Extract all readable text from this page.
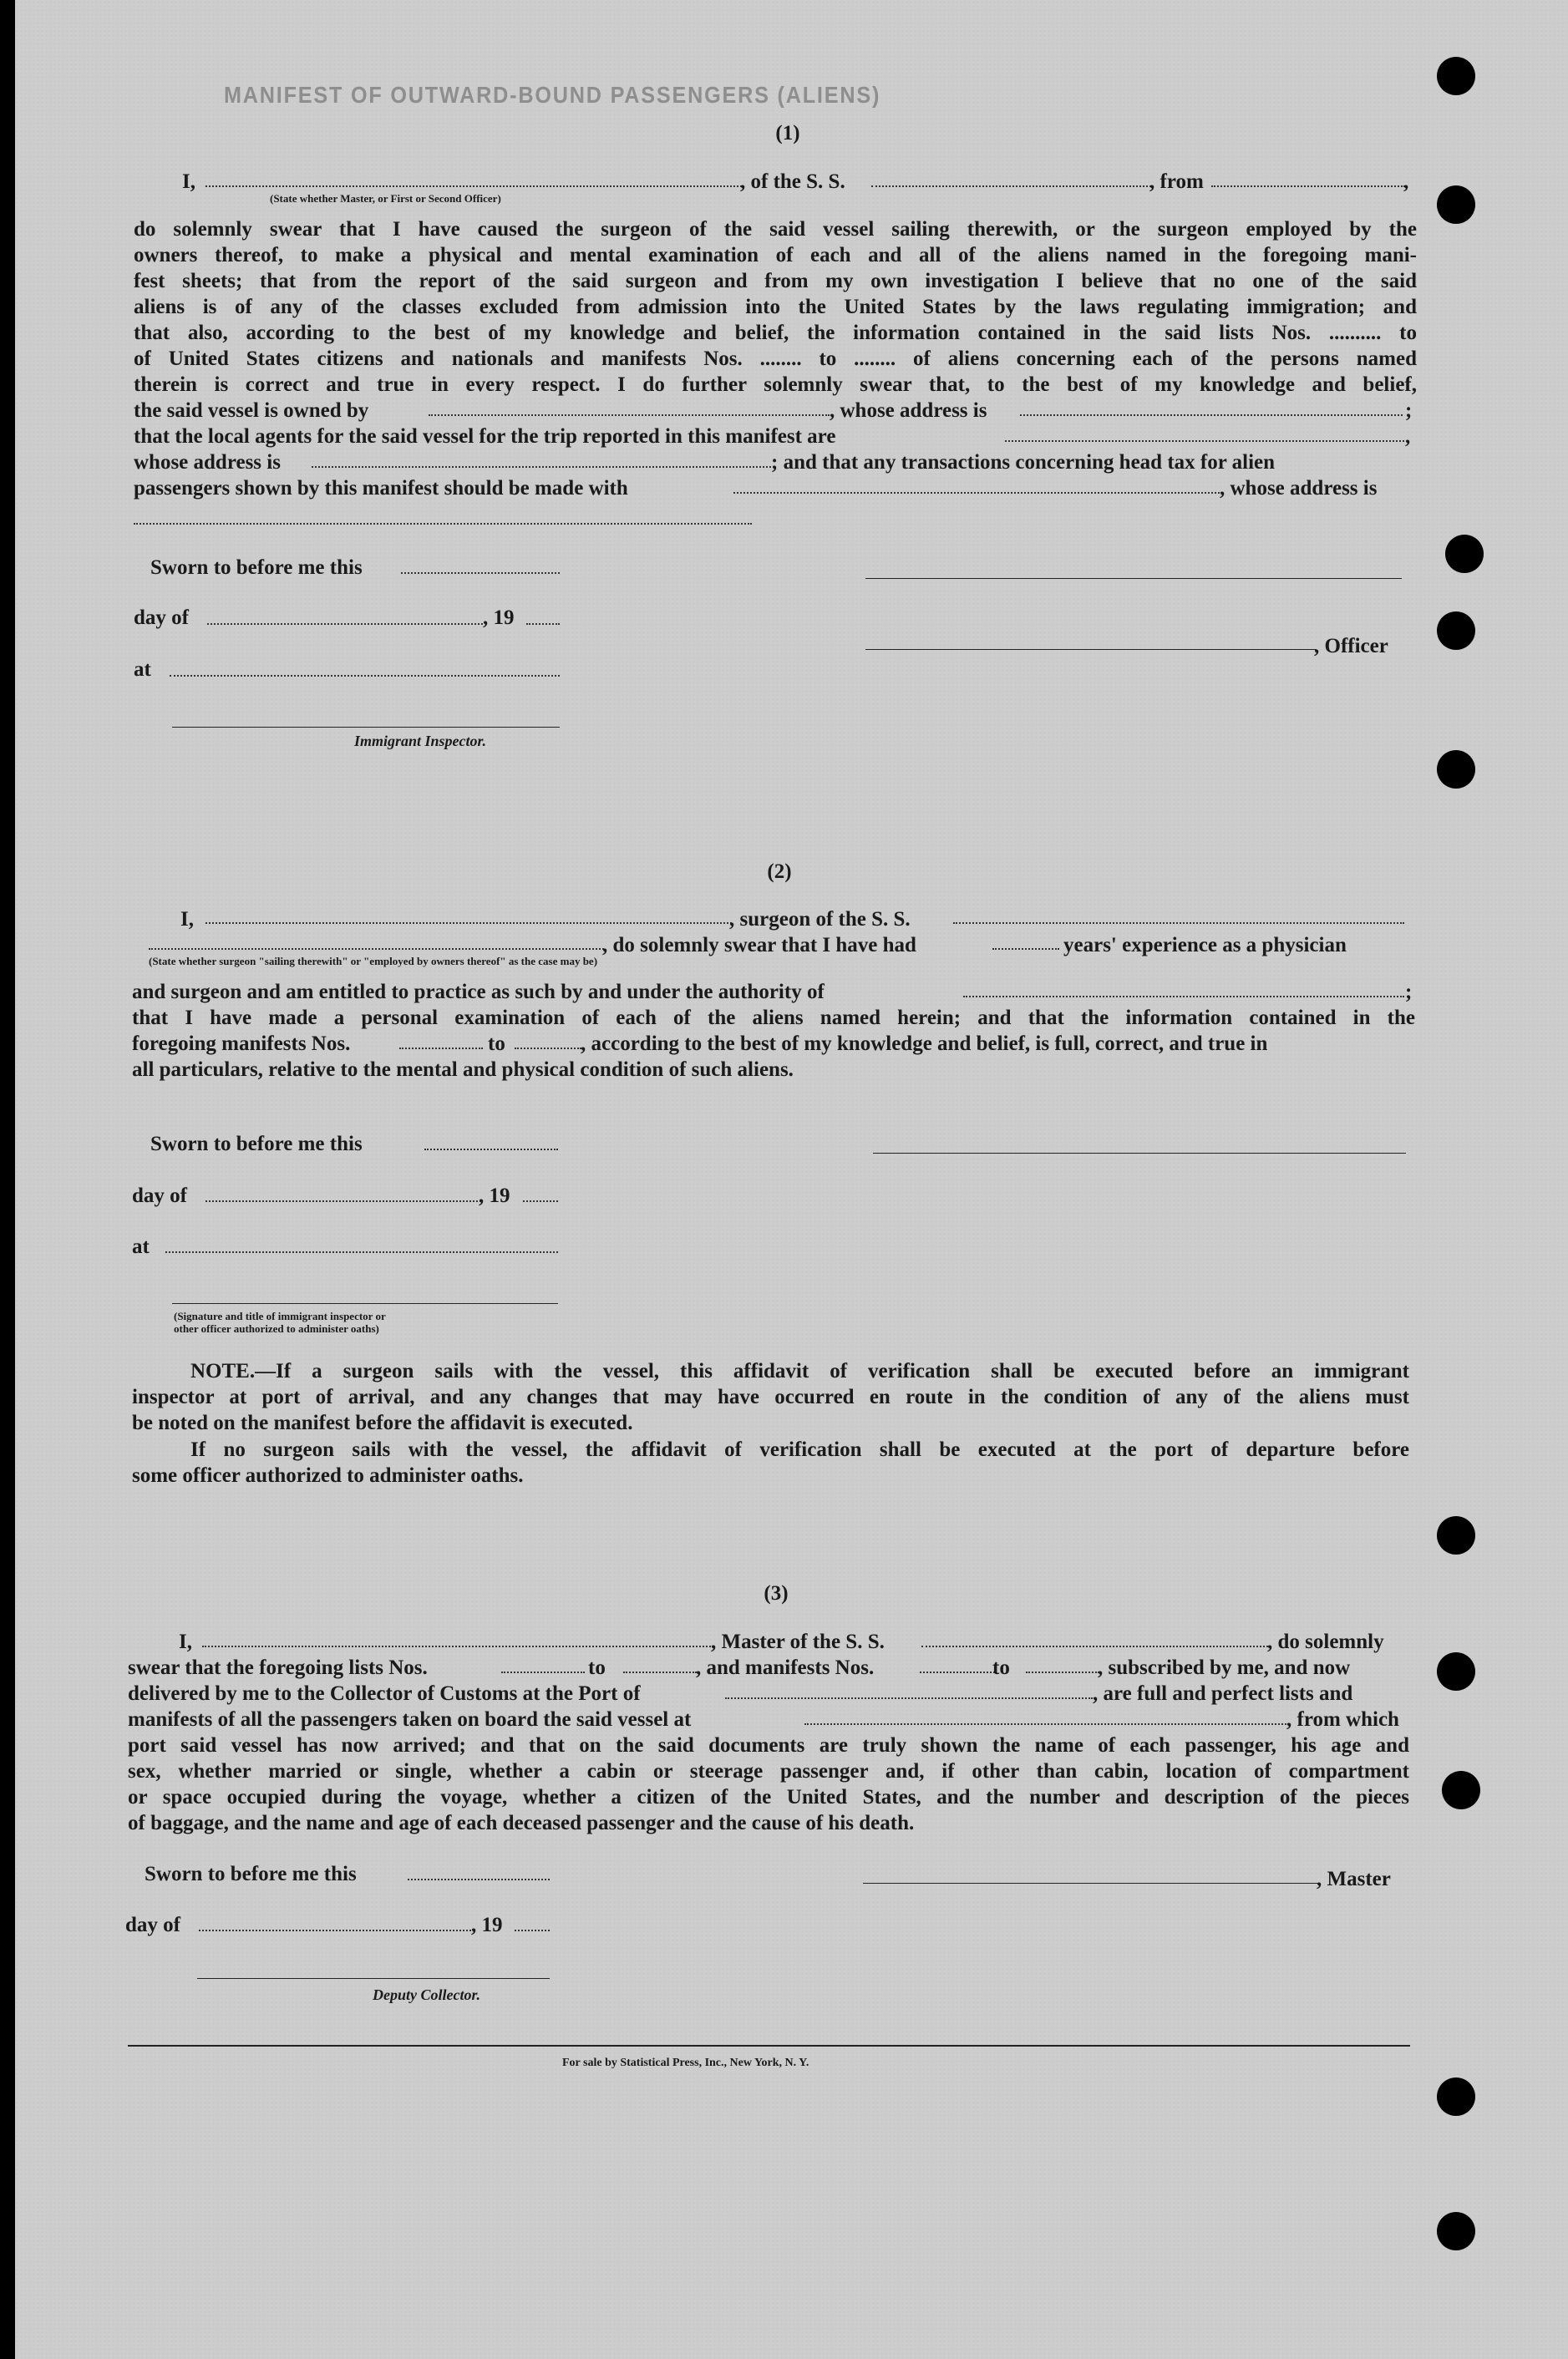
MANIFEST OF OUTWARD-BOUND PASSENGERS (ALIENS)
(1)
I,	, of the S. S.	, from	,
(State whether Master, or First or Second Officer)
do solemnly swear that I have caused the surgeon of the said vessel sailing therewith, or the surgeon employed by the
owners thereof, to make a physical and mental examination of each and all of the aliens named in the foregoing mani-
fest sheets; that from the report of the said surgeon and from my own investigation I believe that no one of the said
aliens is of any of the classes excluded from admission into the United States by the laws regulating immigration; and
that also, according to the best of my knowledge and belief, the information contained in the said lists Nos. .......... to
of United States citizens and nationals and manifests Nos. ........ to ........ of aliens concerning each of the persons named
therein is correct and true in every respect. I do further solemnly swear that, to the best of my knowledge and belief,
the said vessel is owned by	, whose address is	;
that the local agents for the said vessel for the trip reported in this manifest are	,
whose address is	; and that any transactions concerning head tax for alien
passengers shown by this manifest should be made with	, whose address is
Sworn to before me this
day of	, 19
, Officer
at
Immigrant Inspector.
(2)
I,	, surgeon of the S. S.
, do solemnly swear that I have had	years' experience as a physician
(State whether surgeon "sailing therewith" or "employed by owners thereof" as the case may be)
and surgeon and am entitled to practice as such by and under the authority of	;
that I have made a personal examination of each of the aliens named herein; and that the information contained in the
foregoing manifests Nos.	to	, according to the best of my knowledge and belief, is full, correct, and true in
all particulars, relative to the mental and physical condition of such aliens.
Sworn to before me this
day of	, 19
at
(Signature and title of immigrant inspector or
other officer authorized to administer oaths)
NOTE.—If a surgeon sails with the vessel, this affidavit of verification shall be executed before an immigrant
inspector at port of arrival, and any changes that may have occurred en route in the condition of any of the aliens must
be noted on the manifest before the affidavit is executed.
If no surgeon sails with the vessel, the affidavit of verification shall be executed at the port of departure before
some officer authorized to administer oaths.
(3)
I,	, Master of the S. S.	, do solemnly
swear that the foregoing lists Nos.	to	, and manifests Nos.	to	, subscribed by me, and now
delivered by me to the Collector of Customs at the Port of	, are full and perfect lists and
manifests of all the passengers taken on board the said vessel at	, from which
port said vessel has now arrived; and that on the said documents are truly shown the name of each passenger, his age and
sex, whether married or single, whether a cabin or steerage passenger and, if other than cabin, location of compartment
or space occupied during the voyage, whether a citizen of the United States, and the number and description of the pieces
of baggage, and the name and age of each deceased passenger and the cause of his death.
Sworn to before me this	, Master
day of	, 19
Deputy Collector.
For sale by Statistical Press, Inc., New York, N. Y.
